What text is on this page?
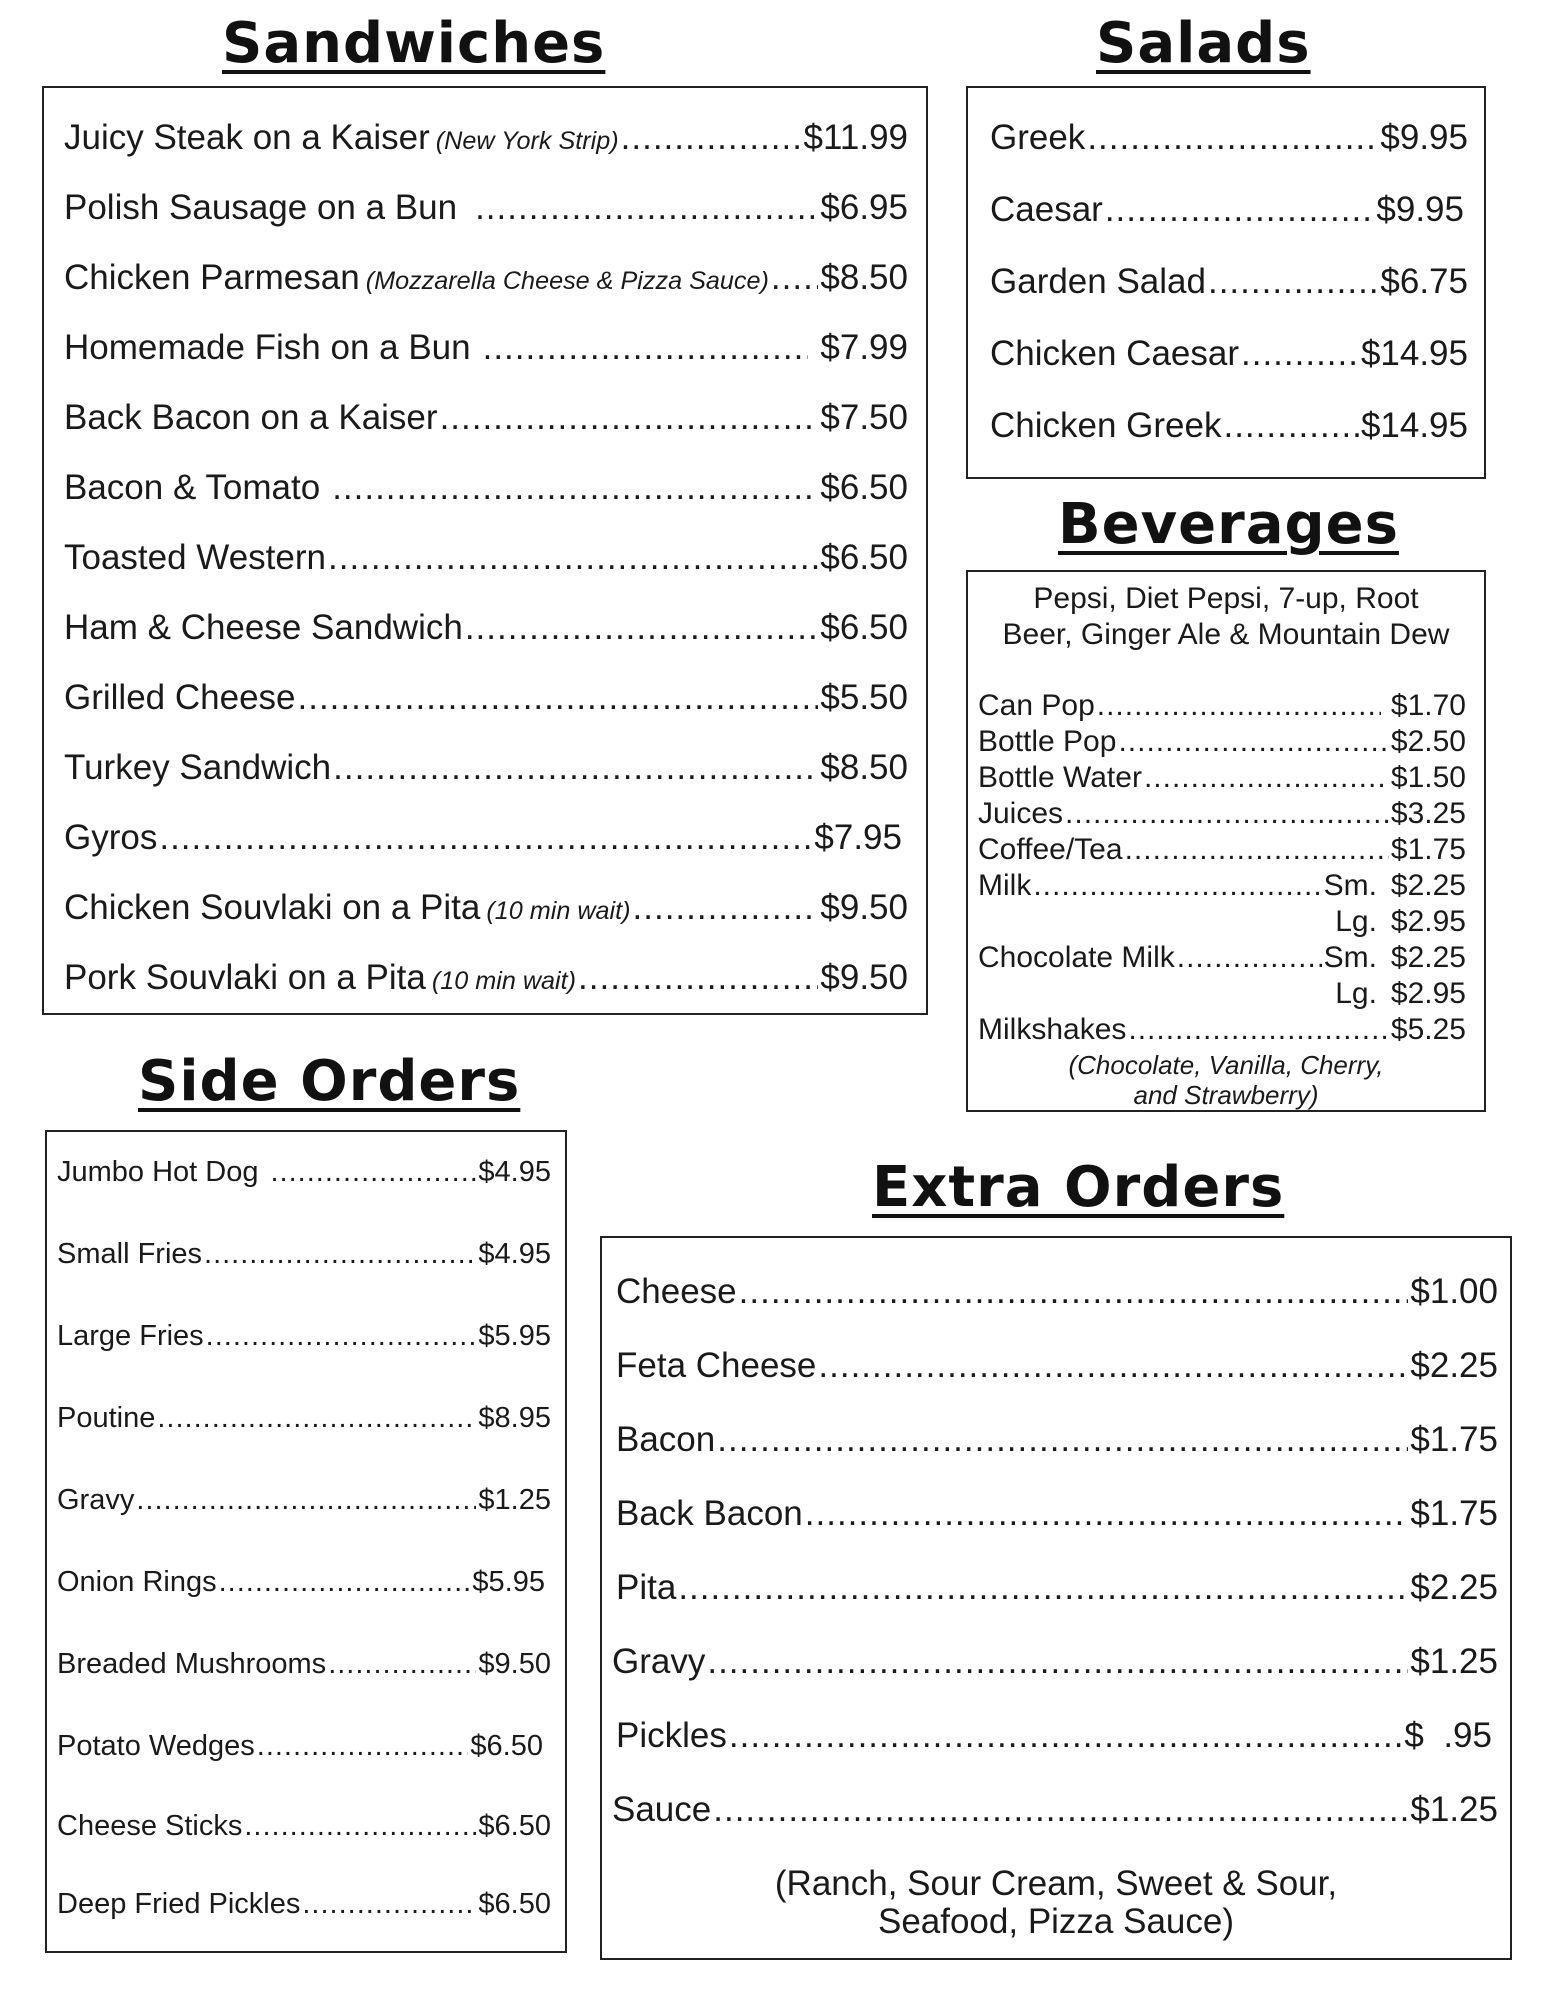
Sandwiches
Juicy Steak on a Kaiser (New York Strip) .....	$11.99
Polish Sausage on a Bun .....	$6.95
Chicken Parmesan (Mozzarella Cheese & Pizza Sauce) ..... $8.50
Homemade Fish on a Bun .....	$7.99
Back Bacon on a Kaiser .....	$7.50
Bacon & Tomato .....	$6.50
Toasted Western .....	$6.50
Ham & Cheese Sandwich .....	$6.50
Grilled Cheese .....	$5.50
Turkey Sandwich .....	$8.50
Gyros .....	$7.95
Chicken Souvlaki on a Pita (10 min wait) .....	$9.50
Pork Souvlaki on a Pita (10 min wait) .....	$9.50
Salads
Greek .....	$9.95
Caesar .....	$9.95
Garden Salad .....	$6.75
Chicken Caesar .....	$14.95
Chicken Greek .....	$14.95
Beverages
Pepsi, Diet Pepsi, 7-up, Root
Beer, Ginger Ale & Mountain Dew
Can Pop .....	$1.70
Bottle Pop .....	$2.50
Bottle Water .....	$1.50
Juices .....	$3.25
Coffee/Tea .....	$1.75
Milk .....	Sm. $2.25
Lg. $2.95
Chocolate Milk .....	Sm. $2.25
Lg. $2.95
Milkshakes .....	$5.25
(Chocolate, Vanilla, Cherry,
and Strawberry)
Side Orders
Jumbo Hot Dog .....	$4.95
Small Fries .....	$4.95
Large Fries .....	$5.95
Poutine .....	$8.95
Gravy .....	$1.25
Onion Rings .....	$5.95
Breaded Mushrooms .....	$9.50
Potato Wedges .....	$6.50
Cheese Sticks .....	$6.50
Deep Fried Pickles .....	$6.50
Extra Orders
Cheese .....	$1.00
Feta Cheese .....	$2.25
Bacon .....	$1.75
Back Bacon .....	$1.75
Pita .....	$2.25
Gravy .....	$1.25
Pickles .....	$  .95
Sauce .....	$1.25
(Ranch, Sour Cream, Sweet & Sour,
Seafood, Pizza Sauce)
